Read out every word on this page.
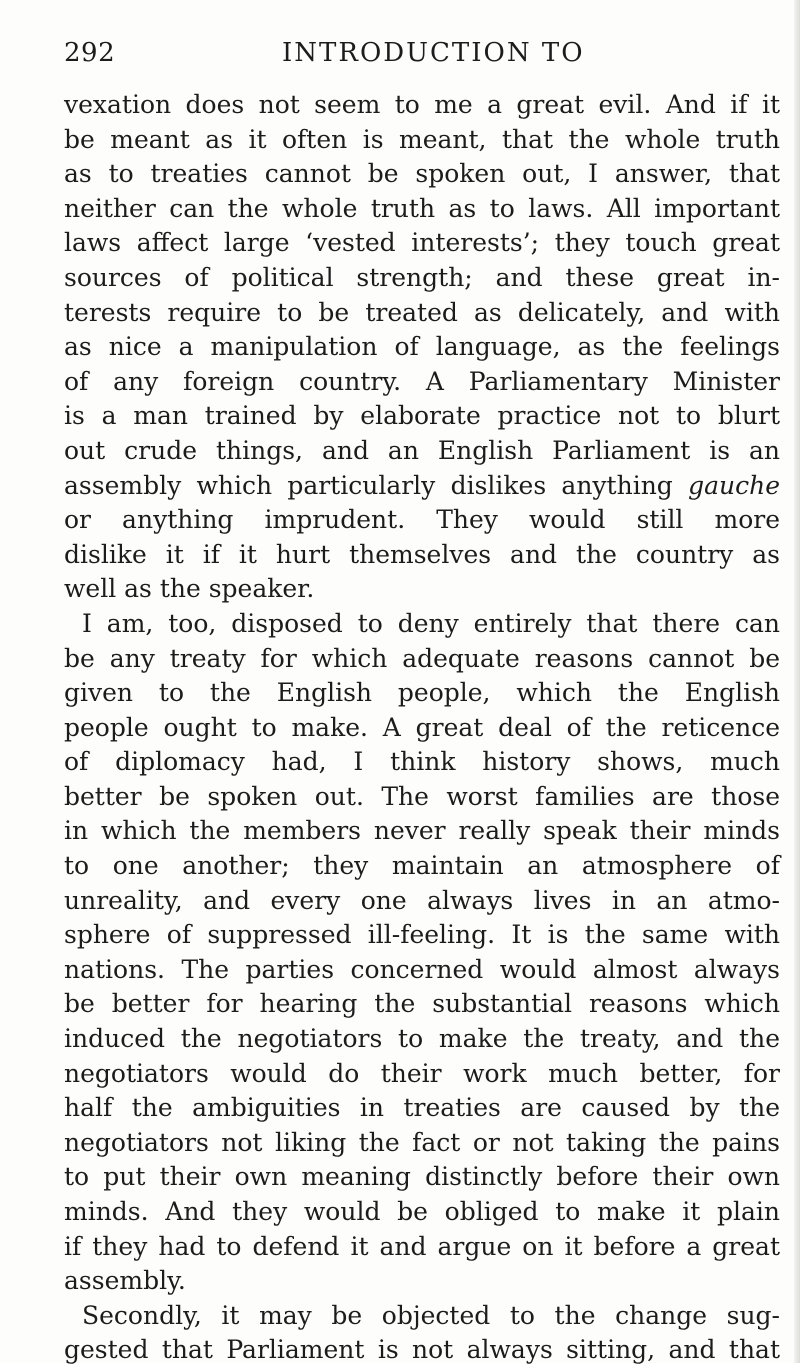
292	INTRODUCTION TO
vexation does not seem to me a great evil. And if it
be meant as it often is meant, that the whole truth
as to treaties cannot be spoken out, I answer, that
neither can the whole truth as to laws. All important
laws affect large ‘vested interests’; they touch great
sources of political strength; and these great in-
terests require to be treated as delicately, and with
as nice a manipulation of language, as the feelings
of any foreign country. A Parliamentary Minister
is a man trained by elaborate practice not to blurt
out crude things, and an English Parliament is an
assembly which particularly dislikes anything gauche
or anything imprudent. They would still more
dislike it if it hurt themselves and the country as
well as the speaker.
I am, too, disposed to deny entirely that there can
be any treaty for which adequate reasons cannot be
given to the English people, which the English
people ought to make. A great deal of the reticence
of diplomacy had, I think history shows, much
better be spoken out. The worst families are those
in which the members never really speak their minds
to one another; they maintain an atmosphere of
unreality, and every one always lives in an atmo-
sphere of suppressed ill-feeling. It is the same with
nations. The parties concerned would almost always
be better for hearing the substantial reasons which
induced the negotiators to make the treaty, and the
negotiators would do their work much better, for
half the ambiguities in treaties are caused by the
negotiators not liking the fact or not taking the pains
to put their own meaning distinctly before their own
minds. And they would be obliged to make it plain
if they had to defend it and argue on it before a great
assembly.
Secondly, it may be objected to the change sug-
gested that Parliament is not always sitting, and that
